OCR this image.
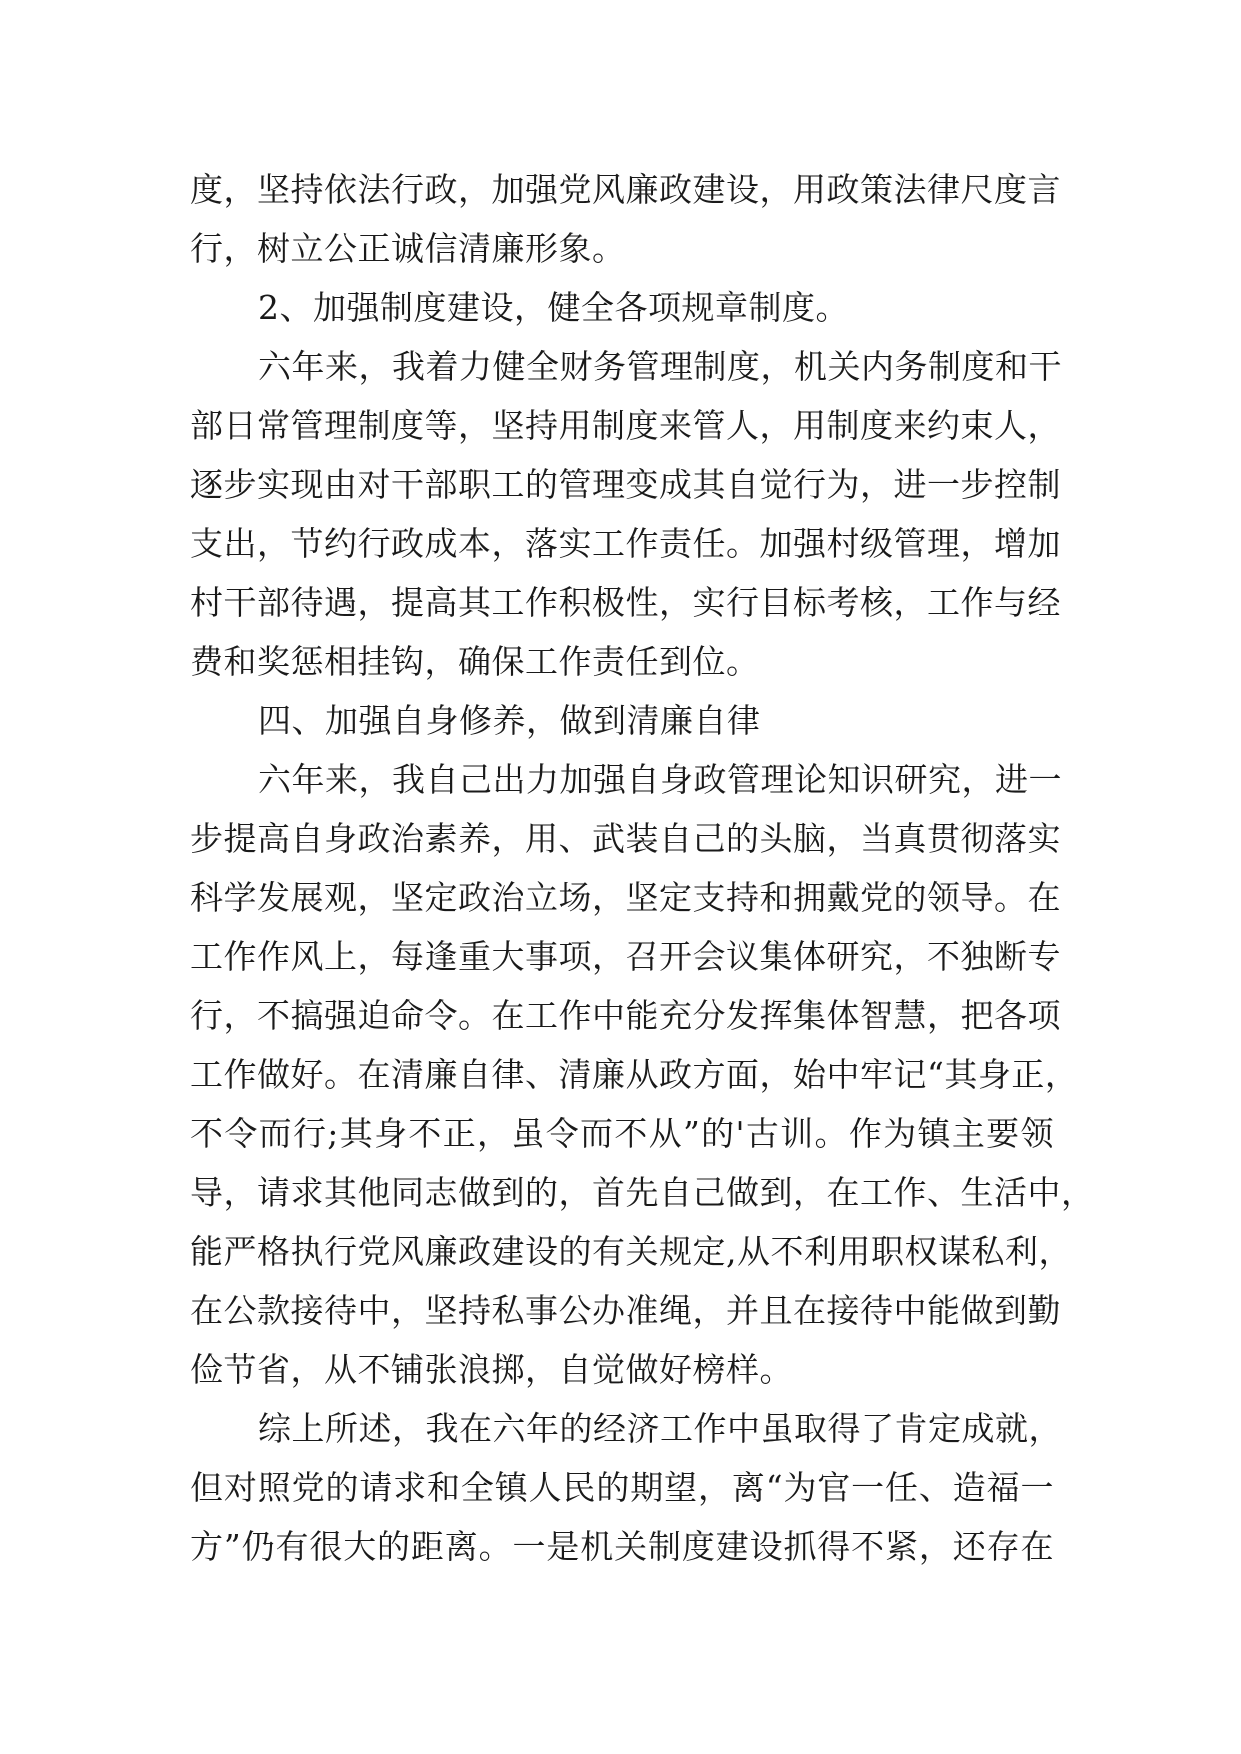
度，坚持依法行政，加强党风廉政建设，用政策法律尺度言
行，树立公正诚信清廉形象。
2、加强制度建设，健全各项规章制度。
六年来，我着力健全财务管理制度，机关内务制度和干
部日常管理制度等，坚持用制度来管人，用制度来约束人，
逐步实现由对干部职工的管理变成其自觉行为，进一步控制
支出，节约行政成本，落实工作责任。加强村级管理，增加
村干部待遇，提高其工作积极性，实行目标考核，工作与经
费和奖惩相挂钩，确保工作责任到位。
四、加强自身修养，做到清廉自律
六年来，我自己出力加强自身政管理论知识研究，进一
步提高自身政治素养，用、武装自己的头脑，当真贯彻落实
科学发展观，坚定政治立场，坚定支持和拥戴党的领导。在
工作作风上，每逢重大事项，召开会议集体研究，不独断专
行，不搞强迫命令。在工作中能充分发挥集体智慧，把各项
工作做好。在清廉自律、清廉从政方面，始中牢记“其身正，
不令而行;其身不正，虽令而不从”的'古训。作为镇主要领
导，请求其他同志做到的，首先自己做到，在工作、生活中，
能严格执行党风廉政建设的有关规定,从不利用职权谋私利，
在公款接待中，坚持私事公办准绳，并且在接待中能做到勤
俭节省，从不铺张浪掷，自觉做好榜样。
综上所述，我在六年的经济工作中虽取得了肯定成就，
但对照党的请求和全镇人民的期望，离“为官一任、造福一
方”仍有很大的距离。一是机关制度建设抓得不紧，还存在
